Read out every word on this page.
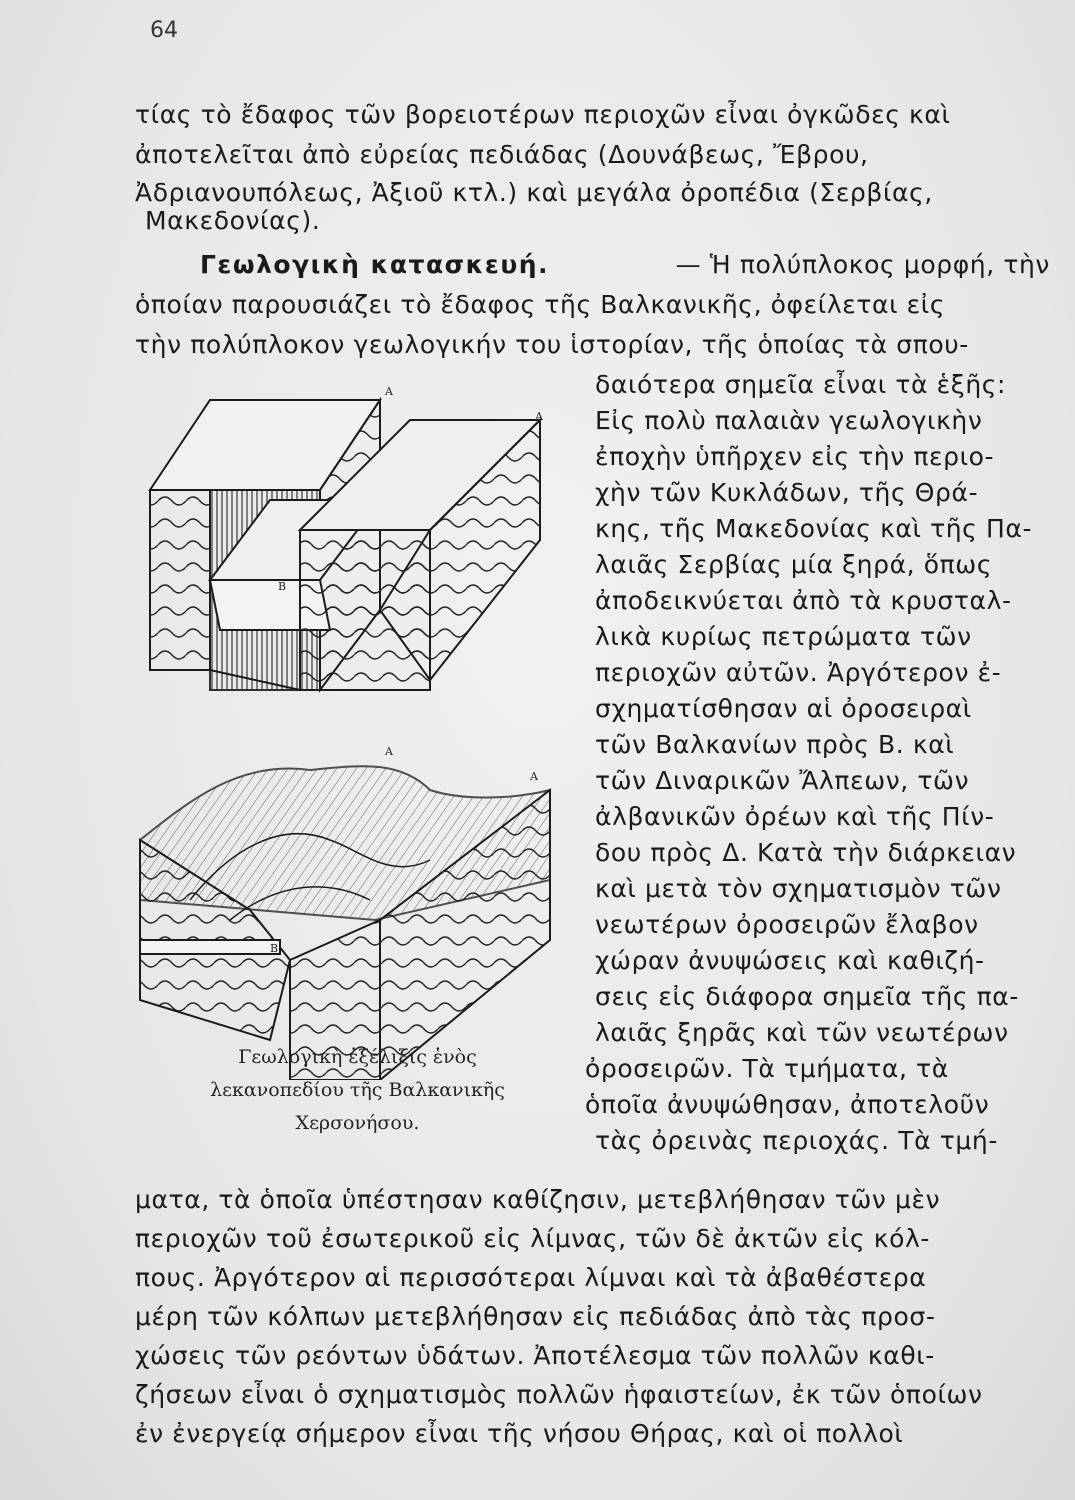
64
τίας τὸ ἔδαφος τῶν βορειοτέρων περιοχῶν εἶναι ὀγκῶδες καὶ
ἀποτελεῖται ἀπὸ εὐρείας πεδιάδας (Δουνάβεως, Ἔβρου,
Ἀδριανουπόλεως, Ἀξιοῦ κτλ.) καὶ μεγάλα ὀροπέδια (Σερβίας,
Μακεδονίας).
Γεωλογικὴ κατασκευή.	— Ἡ πολύπλοκος μορφή, τὴν
ὁποίαν παρουσιάζει τὸ ἔδαφος τῆς Βαλκανικῆς, ὀφείλεται εἰς
τὴν πολύπλοκον γεωλογικήν του ἱστορίαν, τῆς ὁποίας τὰ σπου-
δαιότερα σημεῖα εἶναι τὰ ἑξῆς:
Εἰς πολὺ παλαιὰν γεωλογικὴν
ἐποχὴν ὑπῆρχεν εἰς τὴν περιο-
χὴν τῶν Κυκλάδων, τῆς Θρά-
κης, τῆς Μακεδονίας καὶ τῆς Πα-
λαιᾶς Σερβίας μία ξηρά, ὅπως
ἀποδεικνύεται ἀπὸ τὰ κρυσταλ-
λικὰ κυρίως πετρώματα τῶν
περιοχῶν αὐτῶν. Ἀργότερον ἐ-
σχηματίσθησαν αἱ ὀροσειραὶ
τῶν Βαλκανίων πρὸς Β. καὶ
τῶν Διναρικῶν Ἄλπεων, τῶν
ἀλβανικῶν ὀρέων καὶ τῆς Πίν-
δου πρὸς Δ. Κατὰ τὴν διάρκειαν
καὶ μετὰ τὸν σχηματισμὸν τῶν
νεωτέρων ὀροσειρῶν ἔλαβον
χώραν ἀνυψώσεις καὶ καθιζή-
σεις εἰς διάφορα σημεῖα τῆς πα-
λαιᾶς ξηρᾶς καὶ τῶν νεωτέρων
ὀροσειρῶν. Τὰ τμήματα, τὰ
ὁποῖα ἀνυψώθησαν, ἀποτελοῦν
τὰς ὀρεινὰς περιοχάς. Τὰ τμή-
Α
Α
Β
Α
Α
Β
Γεωλογικὴ ἐξέλιξις ἑνὸς
λεκανοπεδίου τῆς Βαλκανικῆς
Χερσονήσου.
ματα, τὰ ὁποῖα ὑπέστησαν καθίζησιν, μετεβλήθησαν τῶν μὲν
περιοχῶν τοῦ ἐσωτερικοῦ εἰς λίμνας, τῶν δὲ ἀκτῶν εἰς κόλ-
πους. Ἀργότερον αἱ περισσότεραι λίμναι καὶ τὰ ἀβαθέστερα
μέρη τῶν κόλπων μετεβλήθησαν εἰς πεδιάδας ἀπὸ τὰς προσ-
χώσεις τῶν ρεόντων ὑδάτων. Ἀποτέλεσμα τῶν πολλῶν καθι-
ζήσεων εἶναι ὁ σχηματισμὸς πολλῶν ἡφαιστείων, ἐκ τῶν ὁποίων
ἐν ἐνεργείᾳ σήμερον εἶναι τῆς νήσου Θήρας, καὶ οἱ πολλοὶ
